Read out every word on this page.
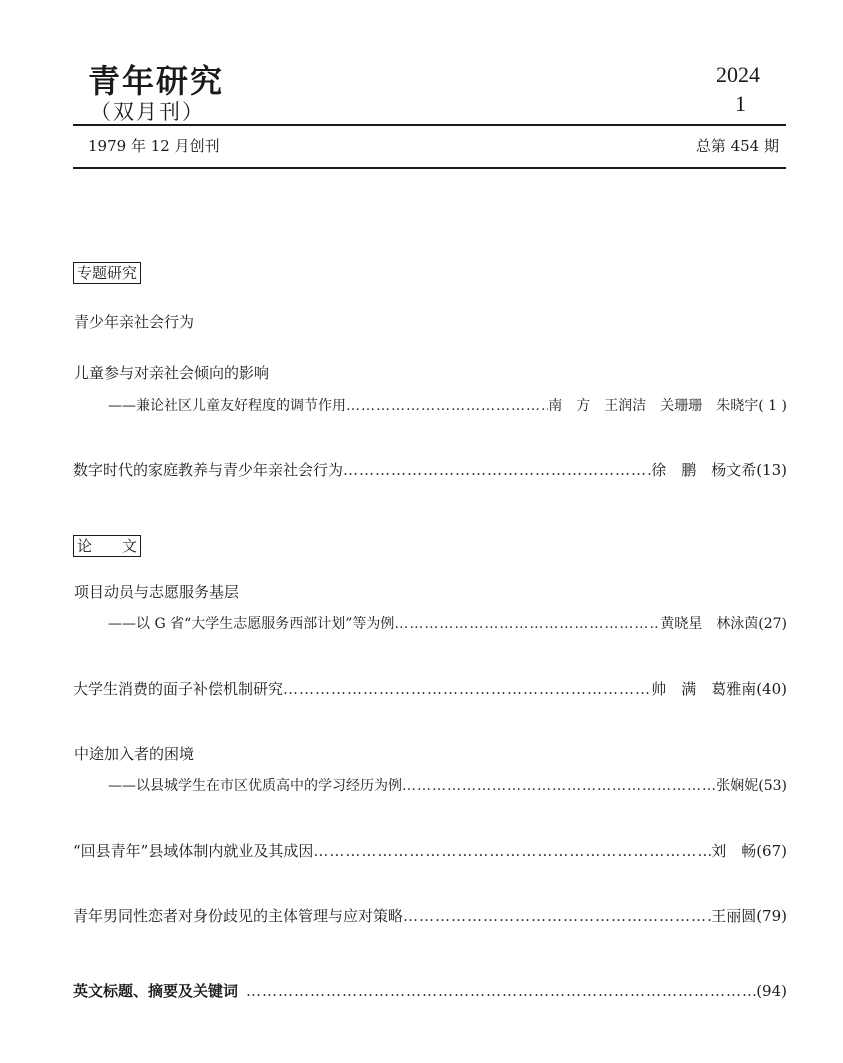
青年研究
（双月刊）
2024
1
1979 年 12 月创刊	总第 454 期
专题研究
青少年亲社会行为
儿童参与对亲社会倾向的影响
——兼论社区儿童友好程度的调节作用 …………………………………………………………………………………………………………………………………………	南　方　王润洁　关珊珊　朱晓宇 ( 1 )
数字时代的家庭教养与青少年亲社会行为 …………………………………………………………………………………………………………………………………………	徐　鹏　杨文希 (13)
论　　文
项目动员与志愿服务基层
——以 G 省“大学生志愿服务西部计划”等为例 …………………………………………………………………………………………………………………………………………	黄晓星　林泳茵 (27)
大学生消费的面子补偿机制研究 …………………………………………………………………………………………………………………………………………	帅　满　葛雅南 (40)
中途加入者的困境
——以县城学生在市区优质高中的学习经历为例 …………………………………………………………………………………………………………………………………………	张娴妮 (53)
“回县青年”县域体制内就业及其成因 …………………………………………………………………………………………………………………………………………	刘　畅 (67)
青年男同性恋者对身份歧见的主体管理与应对策略 …………………………………………………………………………………………………………………………………………	王丽圆 (79)
英文标题、摘要及关键词 …………………………………………………………………………………………………………………………………………	(94)
